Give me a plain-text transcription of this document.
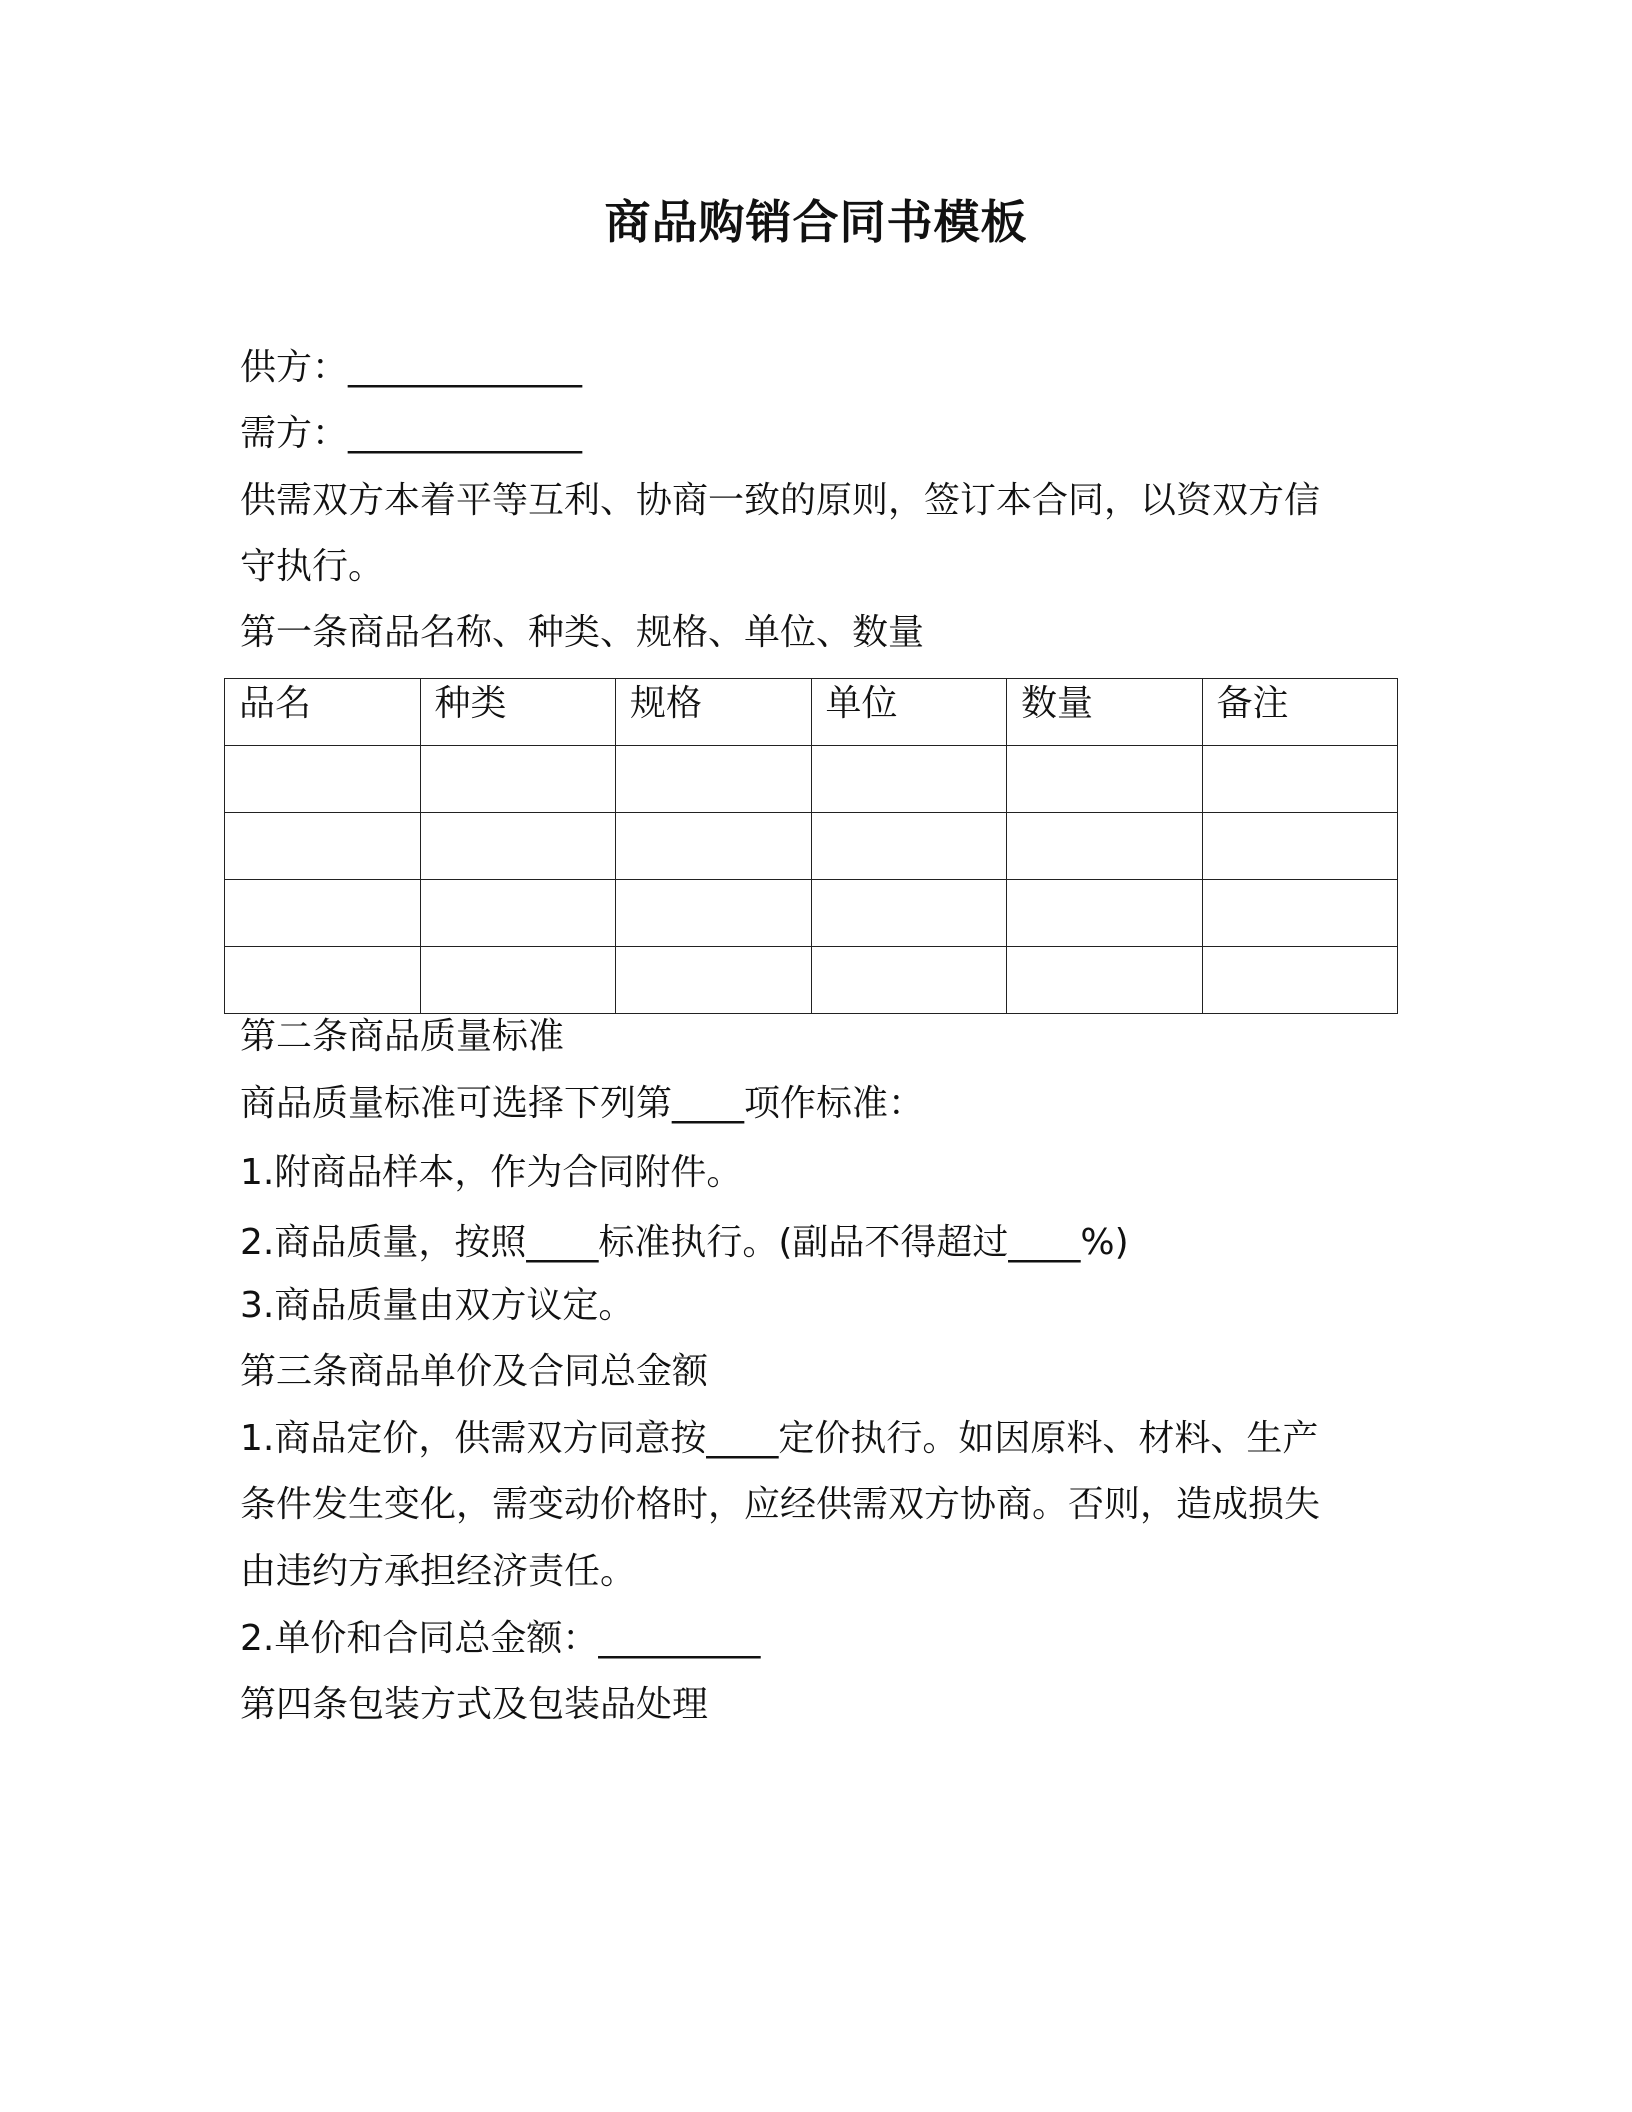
商品购销合同书模板
供方：_____________
需方：_____________
供需双方本着平等互利、协商一致的原则，签订本合同，以资双方信
守执行。
第一条商品名称、种类、规格、单位、数量
品名	种类	规格	单位	数量	备注

第二条商品质量标准
商品质量标准可选择下列第____项作标准：
1.附商品样本，作为合同附件。
2.商品质量，按照____标准执行。(副品不得超过____%)
3.商品质量由双方议定。
第三条商品单价及合同总金额
1.商品定价，供需双方同意按____定价执行。如因原料、材料、生产
条件发生变化，需变动价格时，应经供需双方协商。否则，造成损失
由违约方承担经济责任。
2.单价和合同总金额：_________
第四条包装方式及包装品处理
